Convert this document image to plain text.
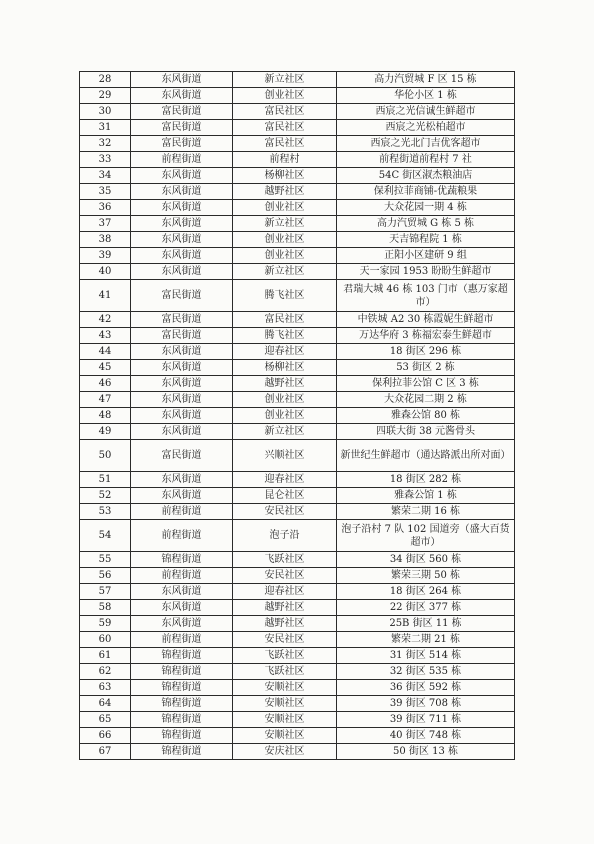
28	东风街道	新立社区	高力汽贸城 F 区 15 栋
29	东风街道	创业社区	华伦小区 1 栋
30	富民街道	富民社区	西宸之光信诚生鲜超市
31	富民街道	富民社区	西宸之光松柏超市
32	富民街道	富民社区	西宸之光北门吉优客超市
33	前程街道	前程村	前程街道前程村 7 社
34	东风街道	杨柳社区	54C 街区淑杰粮油店
35	东风街道	越野社区	保利拉菲商铺-优蔬粮果
36	东风街道	创业社区	大众花园一期 4 栋
37	东风街道	新立社区	高力汽贸城 G 栋 5 栋
38	东风街道	创业社区	天吉锦程院 1 栋
39	东风街道	创业社区	正阳小区建研 9 组
40	东风街道	新立社区	天一家园 1953 盼盼生鲜超市
41	富民街道	腾飞社区	君瑞大城 46 栋 103 门市（惠万家超市）
42	富民街道	富民社区	中铁城 A2 30 栋霞妮生鲜超市
43	富民街道	腾飞社区	万达华府 3 栋福宏泰生鲜超市
44	东风街道	迎春社区	18 街区 296 栋
45	东风街道	杨柳社区	53 街区 2 栋
46	东风街道	越野社区	保利拉菲公馆 C 区 3 栋
47	东风街道	创业社区	大众花园二期 2 栋
48	东风街道	创业社区	雅森公馆 80 栋
49	东风街道	新立社区	四联大街 38 元酱骨头
50	富民街道	兴顺社区	新世纪生鲜超市（通达路派出所对面）
51	东风街道	迎春社区	18 街区 282 栋
52	东风街道	昆仑社区	雅森公馆 1 栋
53	前程街道	安民社区	繁荣二期 16 栋
54	前程街道	泡子沿	泡子沿村 7 队 102 国道旁（盛大百货超市）
55	锦程街道	飞跃社区	34 街区 560 栋
56	前程街道	安民社区	繁荣三期 50 栋
57	东风街道	迎春社区	18 街区 264 栋
58	东风街道	越野社区	22 街区 377 栋
59	东风街道	越野社区	25B 街区 11 栋
60	前程街道	安民社区	繁荣二期 21 栋
61	锦程街道	飞跃社区	31 街区 514 栋
62	锦程街道	飞跃社区	32 街区 535 栋
63	锦程街道	安顺社区	36 街区 592 栋
64	锦程街道	安顺社区	39 街区 708 栋
65	锦程街道	安顺社区	39 街区 711 栋
66	锦程街道	安顺社区	40 街区 748 栋
67	锦程街道	安庆社区	50 街区 13 栋
